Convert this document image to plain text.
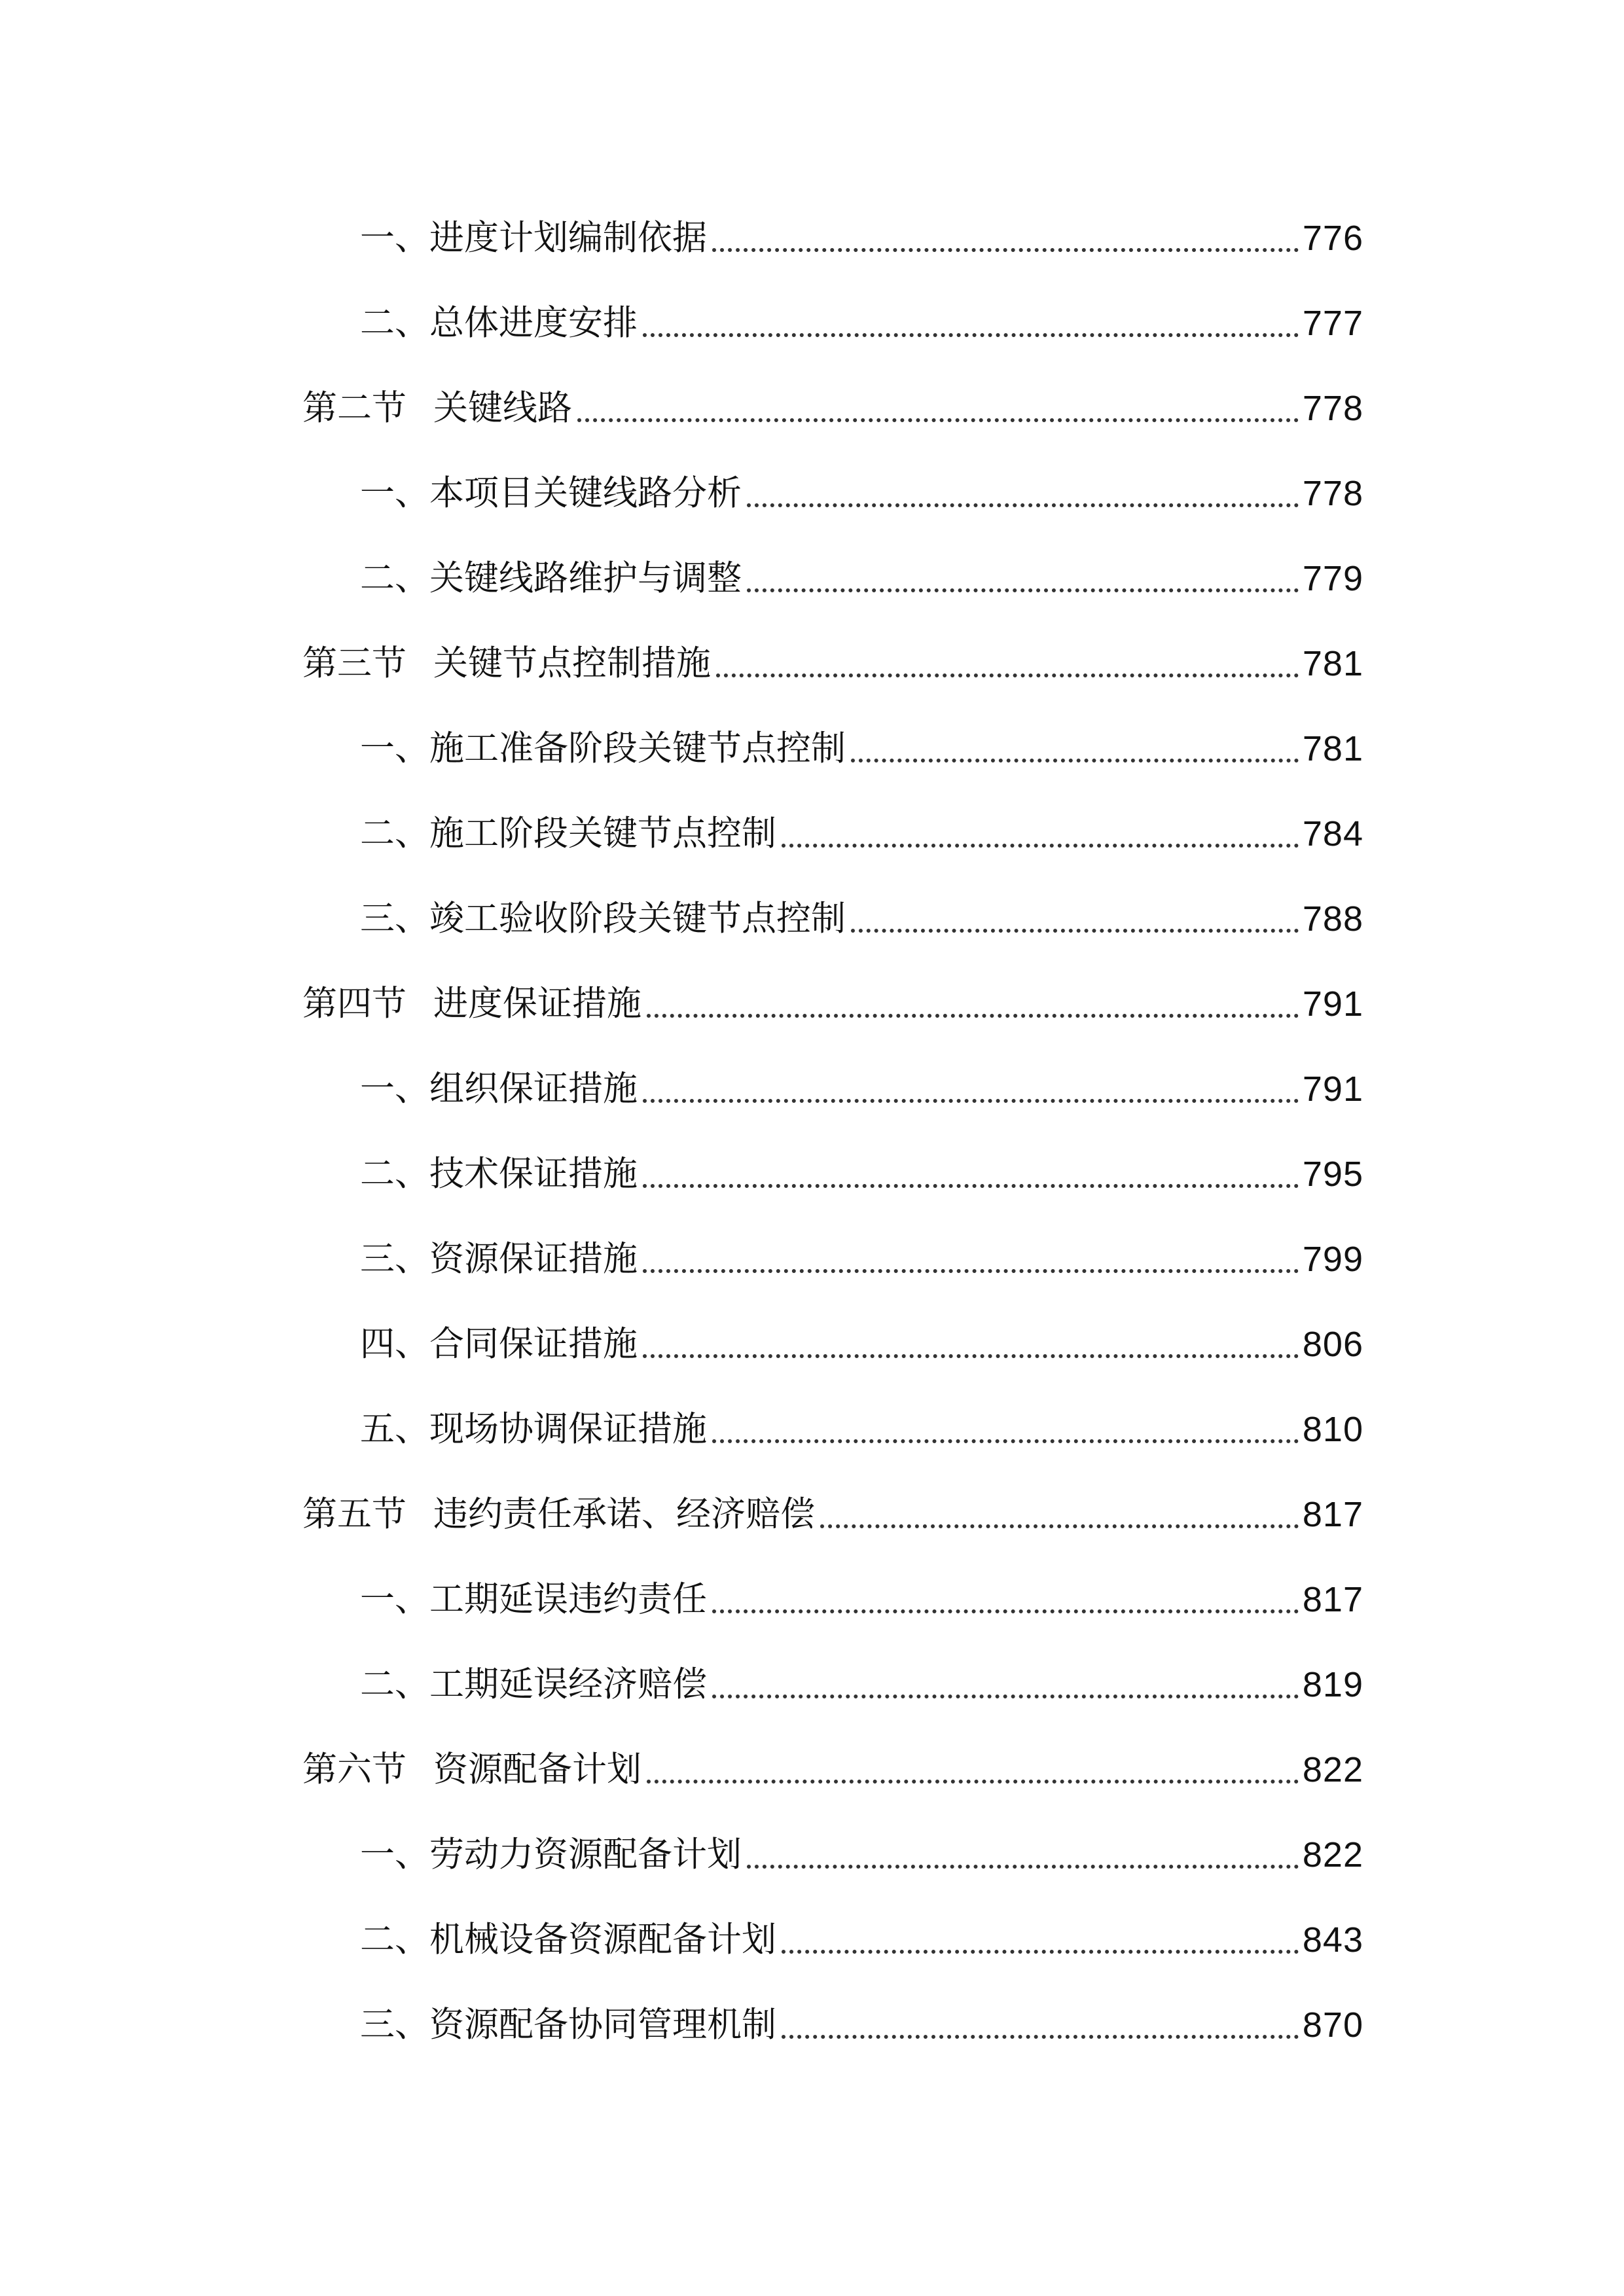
一、 进度计划编制依据	776
二、 总体进度安排	777
第二节 关键线路	778
一、 本项目关键线路分析	778
二、 关键线路维护与调整	779
第三节 关键节点控制措施	781
一、 施工准备阶段关键节点控制	781
二、 施工阶段关键节点控制	784
三、 竣工验收阶段关键节点控制	788
第四节 进度保证措施	791
一、 组织保证措施	791
二、 技术保证措施	795
三、 资源保证措施	799
四、 合同保证措施	806
五、 现场协调保证措施	810
第五节 违约责任承诺、经济赔偿	817
一、 工期延误违约责任	817
二、 工期延误经济赔偿	819
第六节 资源配备计划	822
一、 劳动力资源配备计划	822
二、 机械设备资源配备计划	843
三、 资源配备协同管理机制	870
